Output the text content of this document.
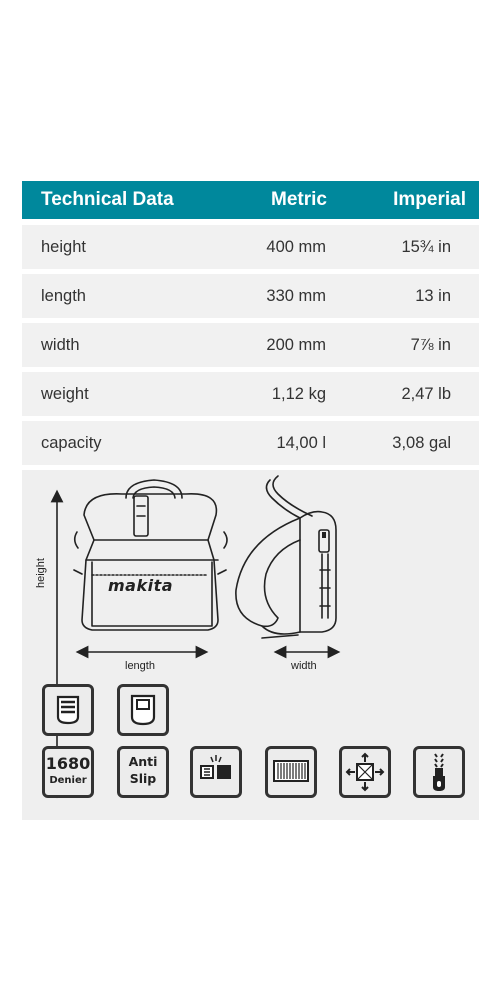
Technical Data	Metric	Imperial
height	400 mm	15¾ in
length	330 mm	13 in
width	200 mm	7⅞ in
weight	1,12 kg	2,47 lb
capacity	14,00 l	3,08 gal
makita
height
length	width
1680
Denier
Anti
Slip
